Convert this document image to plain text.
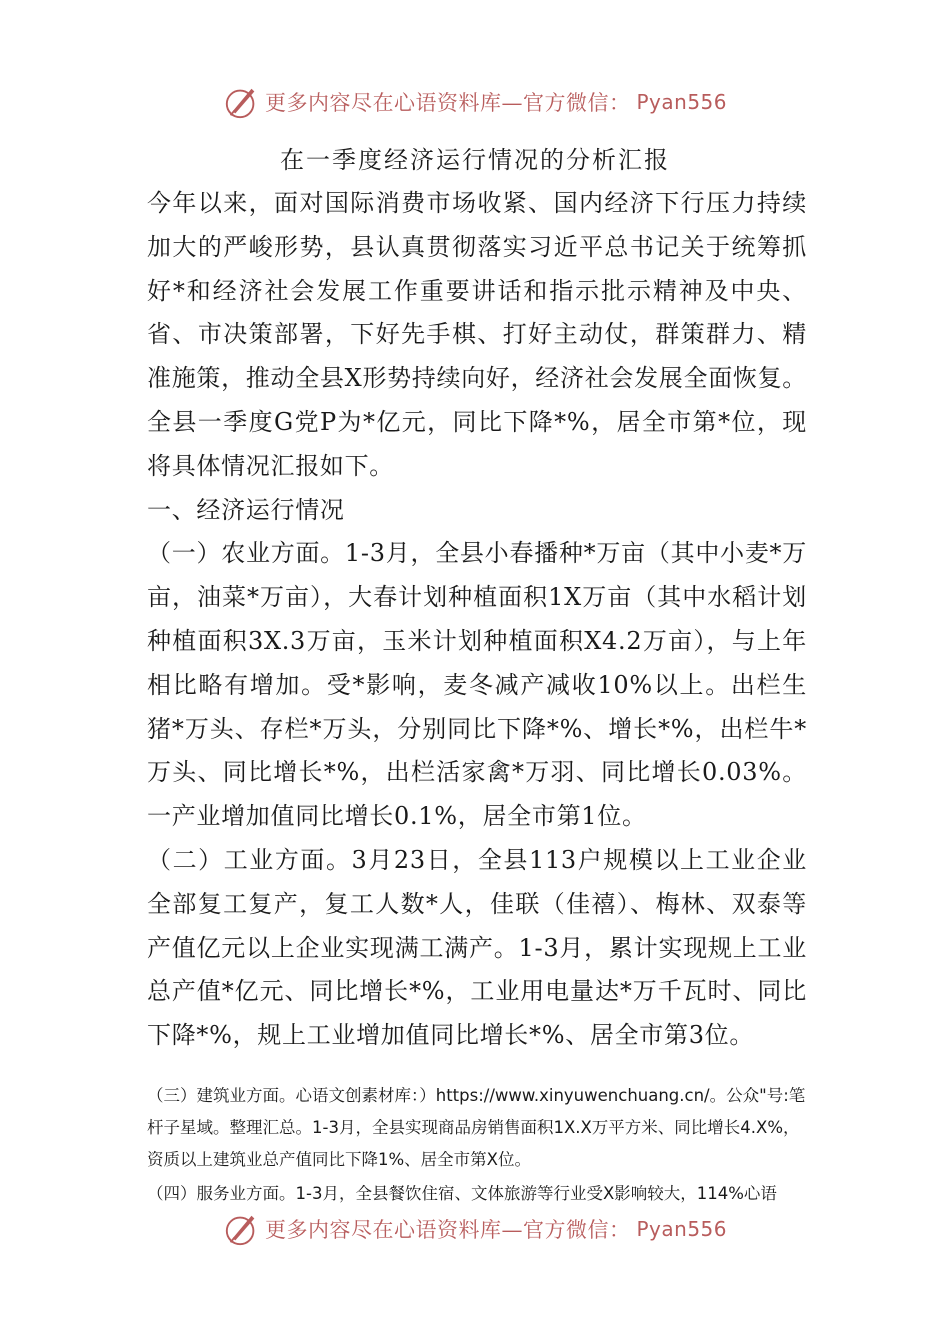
更多内容尽在心语资料库—官方微信： Pyan556
在一季度经济运行情况的分析汇报

今年以来，面对国际消费市场收紧、国内经济下行压力持续加大的严峻形势，县认真贯彻落实习近平总书记关于统筹抓好*和经济社会发展工作重要讲话和指示批示精神及中央、省、市决策部署，下好先手棋、打好主动仗，群策群力、精准施策，推动全县X形势持续向好，经济社会发展全面恢复。全县一季度G党P为*亿元，同比下降*%，居全市第*位，现将具体情况汇报如下。

一、经济运行情况

（一）农业方面。1-3月，全县小春播种*万亩（其中小麦*万亩，油菜*万亩），大春计划种植面积1X万亩（其中水稻计划种植面积3X.3万亩，玉米计划种植面积X4.2万亩），与上年相比略有增加。受*影响，麦冬减产减收10%以上。出栏生猪*万头、存栏*万头，分别同比下降*%、增长*%，出栏牛*万头、同比增长*%，出栏活家禽*万羽、同比增长0.03%。一产业增加值同比增长0.1%，居全市第1位。

（二）工业方面。3月23日，全县113户规模以上工业企业全部复工复产，复工人数*人，佳联（佳禧）、梅林、双泰等产值亿元以上企业实现满工满产。1-3月，累计实现规上工业总产值*亿元、同比增长*%，工业用电量达*万千瓦时、同比下降*%，规上工业增加值同比增长*%、居全市第3位。

（三）建筑业方面。心语文创素材库：）https://www.xinyuwenchuang.cn/。公众"号:笔杆子星域。整理汇总。1-3月，全县实现商品房销售面积1X.X万平方米、同比增长4.X%，资质以上建筑业总产值同比下降1%、居全市第X位。

（四）服务业方面。1-3月，全县餐饮住宿、文体旅游等行业受X影响较大，114%心语

更多内容尽在心语资料库—官方微信： Pyan556
